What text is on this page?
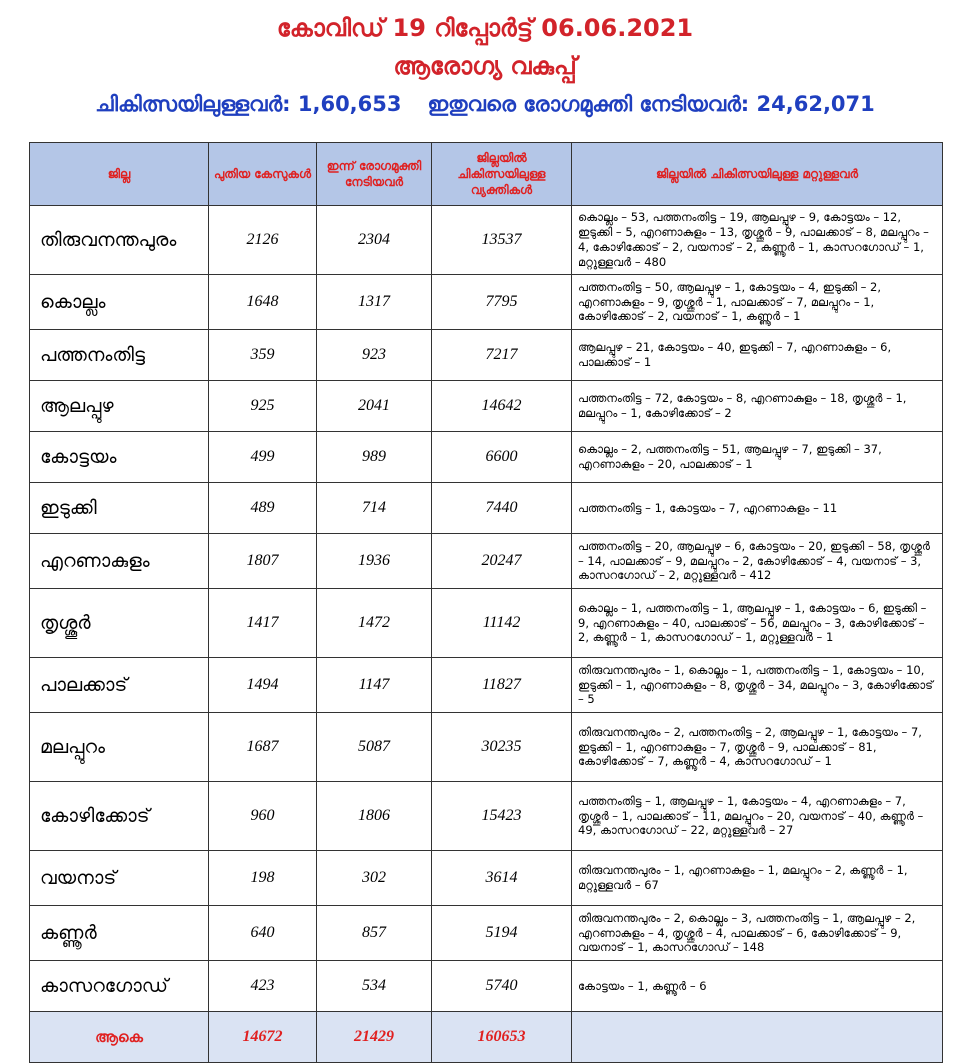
കോവിഡ് 19 റിപ്പോർട്ട് 06.06.2021
ആരോഗ്യ വകുപ്പ്
ചികിത്സയിലുള്ളവർ: 1,60,653 ഇതുവരെ രോഗമുക്തി നേടിയവർ: 24,62,071
ജില്ല	പുതിയ കേസുകൾ	ഇന്ന് രോഗമുക്തി നേടിയവർ	ജില്ലയിൽ ചികിത്സയിലുള്ള വ്യക്തികൾ	ജില്ലയിൽ ചികിത്സയിലുള്ള മറ്റുള്ളവർ
തിരുവനന്തപുരം	2126	2304	13537	കൊല്ലം – 53, പത്തനംതിട്ട – 19, ആലപ്പുഴ – 9, കോട്ടയം – 12, ഇടുക്കി – 5, എറണാകുളം – 13, തൃശ്ശൂർ – 9, പാലക്കാട് – 8, മലപ്പുറം – 4, കോഴിക്കോട് – 2, വയനാട് – 2, കണ്ണൂർ – 1, കാസറഗോഡ് – 1, മറ്റുള്ളവർ – 480
കൊല്ലം	1648	1317	7795	പത്തനംതിട്ട – 50, ആലപ്പുഴ – 1, കോട്ടയം – 4, ഇടുക്കി – 2, എറണാകുളം – 9, തൃശ്ശൂർ – 1, പാലക്കാട് – 7, മലപ്പുറം – 1, കോഴിക്കോട് – 2, വയനാട് – 1, കണ്ണൂർ – 1
പത്തനംതിട്ട	359	923	7217	ആലപ്പുഴ – 21, കോട്ടയം – 40, ഇടുക്കി – 7, എറണാകുളം – 6, പാലക്കാട് – 1
ആലപ്പുഴ	925	2041	14642	പത്തനംതിട്ട – 72, കോട്ടയം – 8, എറണാകുളം – 18, തൃശ്ശൂർ – 1, മലപ്പുറം – 1, കോഴിക്കോട് – 2
കോട്ടയം	499	989	6600	കൊല്ലം – 2, പത്തനംതിട്ട – 51, ആലപ്പുഴ – 7, ഇടുക്കി – 37, എറണാകുളം – 20, പാലക്കാട് – 1
ഇടുക്കി	489	714	7440	പത്തനംതിട്ട – 1, കോട്ടയം – 7, എറണാകുളം – 11
എറണാകുളം	1807	1936	20247	പത്തനംതിട്ട – 20, ആലപ്പുഴ – 6, കോട്ടയം – 20, ഇടുക്കി – 58, തൃശ്ശൂർ – 14, പാലക്കാട് – 9, മലപ്പുറം – 2, കോഴിക്കോട് – 4, വയനാട് – 3, കാസറഗോഡ് – 2, മറ്റുള്ളവർ – 412
തൃശ്ശൂർ	1417	1472	11142	കൊല്ലം – 1, പത്തനംതിട്ട – 1, ആലപ്പുഴ – 1, കോട്ടയം – 6, ഇടുക്കി – 9, എറണാകുളം – 40, പാലക്കാട് – 56, മലപ്പുറം – 3, കോഴിക്കോട് – 2, കണ്ണൂർ – 1, കാസറഗോഡ് – 1, മറ്റുള്ളവർ – 1
പാലക്കാട്	1494	1147	11827	തിരുവനന്തപുരം – 1, കൊല്ലം – 1, പത്തനംതിട്ട – 1, കോട്ടയം – 10, ഇടുക്കി – 1, എറണാകുളം – 8, തൃശ്ശൂർ – 34, മലപ്പുറം – 3, കോഴിക്കോട് – 5
മലപ്പുറം	1687	5087	30235	തിരുവനന്തപുരം – 2, പത്തനംതിട്ട – 2, ആലപ്പുഴ – 1, കോട്ടയം – 7, ഇടുക്കി – 1, എറണാകുളം – 7, തൃശ്ശൂർ – 9, പാലക്കാട് – 81, കോഴിക്കോട് – 7, കണ്ണൂർ – 4, കാസറഗോഡ് – 1
കോഴിക്കോട്	960	1806	15423	പത്തനംതിട്ട – 1, ആലപ്പുഴ – 1, കോട്ടയം – 4, എറണാകുളം – 7, തൃശ്ശൂർ – 1, പാലക്കാട് – 11, മലപ്പുറം – 20, വയനാട് – 40, കണ്ണൂർ – 49, കാസറഗോഡ് – 22, മറ്റുള്ളവർ – 27
വയനാട്	198	302	3614	തിരുവനന്തപുരം – 1, എറണാകുളം – 1, മലപ്പുറം – 2, കണ്ണൂർ – 1, മറ്റുള്ളവർ – 67
കണ്ണൂർ	640	857	5194	തിരുവനന്തപുരം – 2, കൊല്ലം – 3, പത്തനംതിട്ട – 1, ആലപ്പുഴ – 2, എറണാകുളം – 4, തൃശ്ശൂർ – 4, പാലക്കാട് – 6, കോഴിക്കോട് – 9, വയനാട് – 1, കാസറഗോഡ് – 148
കാസറഗോഡ്	423	534	5740	കോട്ടയം – 1, കണ്ണൂർ – 6
ആകെ	14672	21429	160653	
